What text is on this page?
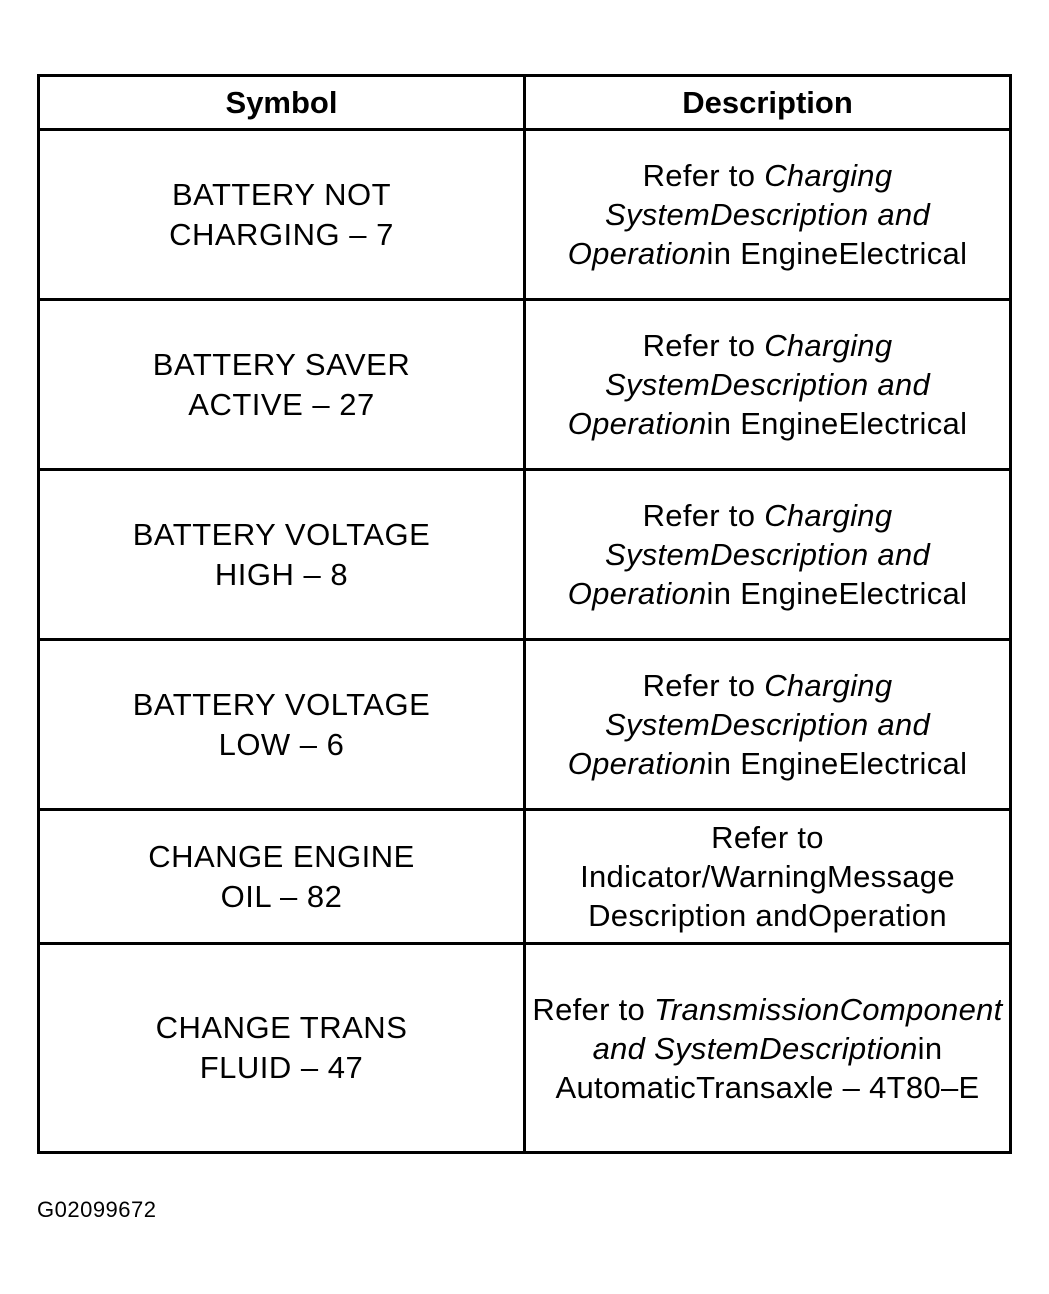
Symbol	Description

BATTERY NOT
CHARGING – 7	Refer to Charging SystemDescription and Operationin EngineElectrical

BATTERY SAVER
ACTIVE – 27	Refer to Charging SystemDescription and Operationin EngineElectrical

BATTERY VOLTAGE
HIGH – 8	Refer to Charging SystemDescription and Operationin EngineElectrical

BATTERY VOLTAGE
LOW – 6	Refer to Charging SystemDescription and Operationin EngineElectrical

CHANGE ENGINE
OIL – 82	Refer to Indicator/WarningMessage Description andOperation

CHANGE TRANS
FLUID – 47	Refer to TransmissionComponent and SystemDescriptionin AutomaticTransaxle – 4T80–E
G02099672
